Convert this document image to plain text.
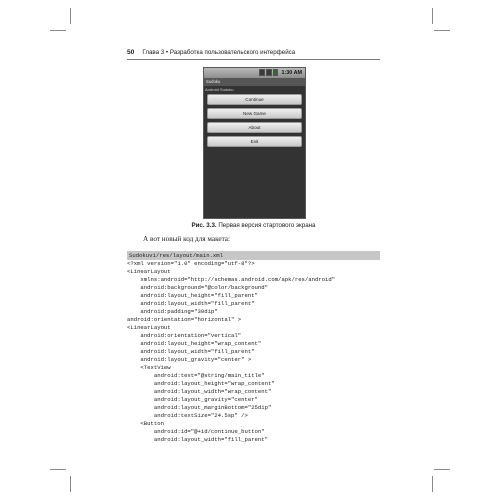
50 Глава 3 • Разработка пользовательского интерфейса
1:30 AM
Sudoku
Android Sudoku
Continue
New Game
About
Exit
Рис. 3.3. Первая версия стартового экрана
А вот новый код для макета:
Sudokuv1/res/layout/main.xml
<?xml version="1.0" encoding="utf-8"?>
<LinearLayout
xmlns:android="http://schemas.android.com/apk/res/android"
android:background="@color/background"
android:layout_height="fill_parent"
android:layout_width="fill_parent"
android:padding="30dip"
android:orientation="horizontal" >
<LinearLayout
android:orientation="vertical"
android:layout_height="wrap_content"
android:layout_width="fill_parent"
android:layout_gravity="center" >
<TextView
android:text="@string/main_title"
android:layout_height="wrap_content"
android:layout_width="wrap_content"
android:layout_gravity="center"
android:layout_marginBottom="25dip"
android:textSize="24.5sp" />
<Button
android:id="@+id/continue_button"
android:layout_width="fill_parent"
